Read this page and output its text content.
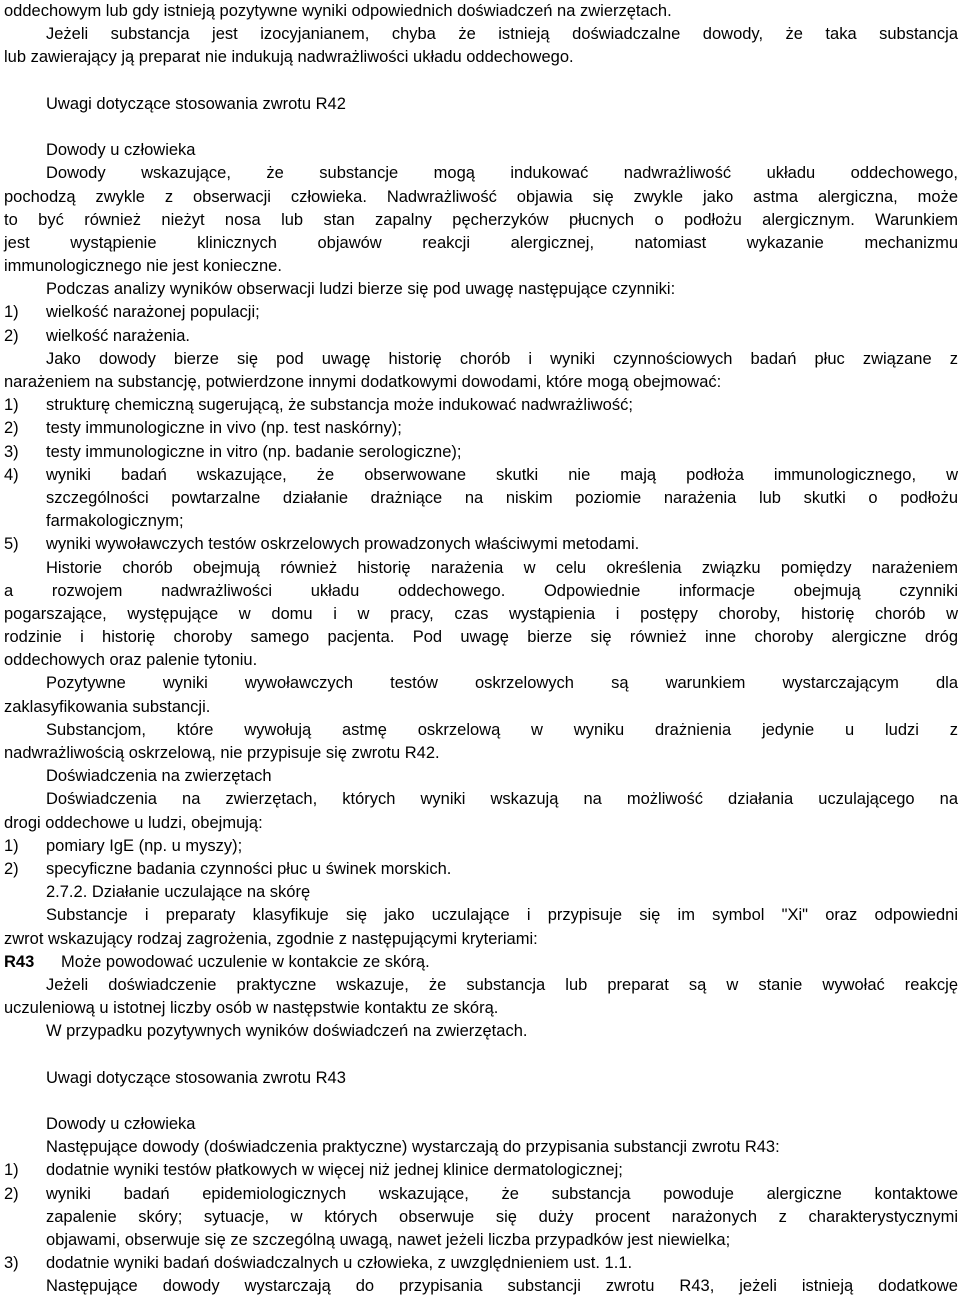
oddechowym lub gdy istnieją pozytywne wyniki odpowiednich doświadczeń na zwierzętach.
Jeżeli substancja jest izocyjanianem, chyba że istnieją doświadczalne dowody, że taka substancja
lub zawierający ją preparat nie indukują nadwrażliwości układu oddechowego.
Uwagi dotyczące stosowania zwrotu R42
Dowody u człowieka
Dowody wskazujące, że substancje mogą indukować nadwrażliwość układu oddechowego,
pochodzą zwykle z obserwacji człowieka. Nadwrażliwość objawia się zwykle jako astma alergiczna, może
to być również nieżyt nosa lub stan zapalny pęcherzyków płucnych o podłożu alergicznym. Warunkiem
jest wystąpienie klinicznych objawów reakcji alergicznej, natomiast wykazanie mechanizmu
immunologicznego nie jest konieczne.
Podczas analizy wyników obserwacji ludzi bierze się pod uwagę następujące czynniki:
1)	wielkość narażonej populacji;
2)	wielkość narażenia.
Jako dowody bierze się pod uwagę historię chorób i wyniki czynnościowych badań płuc związane z
narażeniem na substancję, potwierdzone innymi dodatkowymi dowodami, które mogą obejmować:
1)	strukturę chemiczną sugerującą, że substancja może indukować nadwrażliwość;
2)	testy immunologiczne in vivo (np. test naskórny);
3)	testy immunologiczne in vitro (np. badanie serologiczne);
4)	wyniki badań wskazujące, że obserwowane skutki nie mają podłoża immunologicznego, w
szczególności powtarzalne działanie drażniące na niskim poziomie narażenia lub skutki o podłożu
farmakologicznym;
5)	wyniki wywoławczych testów oskrzelowych prowadzonych właściwymi metodami.
Historie chorób obejmują również historię narażenia w celu określenia związku pomiędzy narażeniem
a rozwojem nadwrażliwości układu oddechowego. Odpowiednie informacje obejmują czynniki
pogarszające, występujące w domu i w pracy, czas wystąpienia i postępy choroby, historię chorób w
rodzinie i historię choroby samego pacjenta. Pod uwagę bierze się również inne choroby alergiczne dróg
oddechowych oraz palenie tytoniu.
Pozytywne wyniki wywoławczych testów oskrzelowych są warunkiem wystarczającym dla
zaklasyfikowania substancji.
Substancjom, które wywołują astmę oskrzelową w wyniku drażnienia jedynie u ludzi z
nadwrażliwością oskrzelową, nie przypisuje się zwrotu R42.
Doświadczenia na zwierzętach
Doświadczenia na zwierzętach, których wyniki wskazują na możliwość działania uczulającego na
drogi oddechowe u ludzi, obejmują:
1)	pomiary IgE (np. u myszy);
2)	specyficzne badania czynności płuc u świnek morskich.
2.7.2. Działanie uczulające na skórę
Substancje i preparaty klasyfikuje się jako uczulające i przypisuje się im symbol "Xi" oraz odpowiedni
zwrot wskazujący rodzaj zagrożenia, zgodnie z następującymi kryteriami:
R43	Może powodować uczulenie w kontakcie ze skórą.
Jeżeli doświadczenie praktyczne wskazuje, że substancja lub preparat są w stanie wywołać reakcję
uczuleniową u istotnej liczby osób w następstwie kontaktu ze skórą.
W przypadku pozytywnych wyników doświadczeń na zwierzętach.
Uwagi dotyczące stosowania zwrotu R43
Dowody u człowieka
Następujące dowody (doświadczenia praktyczne) wystarczają do przypisania substancji zwrotu R43:
1)	dodatnie wyniki testów płatkowych w więcej niż jednej klinice dermatologicznej;
2)	wyniki badań epidemiologicznych wskazujące, że substancja powoduje alergiczne kontaktowe
zapalenie skóry; sytuacje, w których obserwuje się duży procent narażonych z charakterystycznymi
objawami, obserwuje się ze szczególną uwagą, nawet jeżeli liczba przypadków jest niewielka;
3)	dodatnie wyniki badań doświadczalnych u człowieka, z uwzględnieniem ust. 1.1.
Następujące dowody wystarczają do przypisania substancji zwrotu R43, jeżeli istnieją dodatkowe
